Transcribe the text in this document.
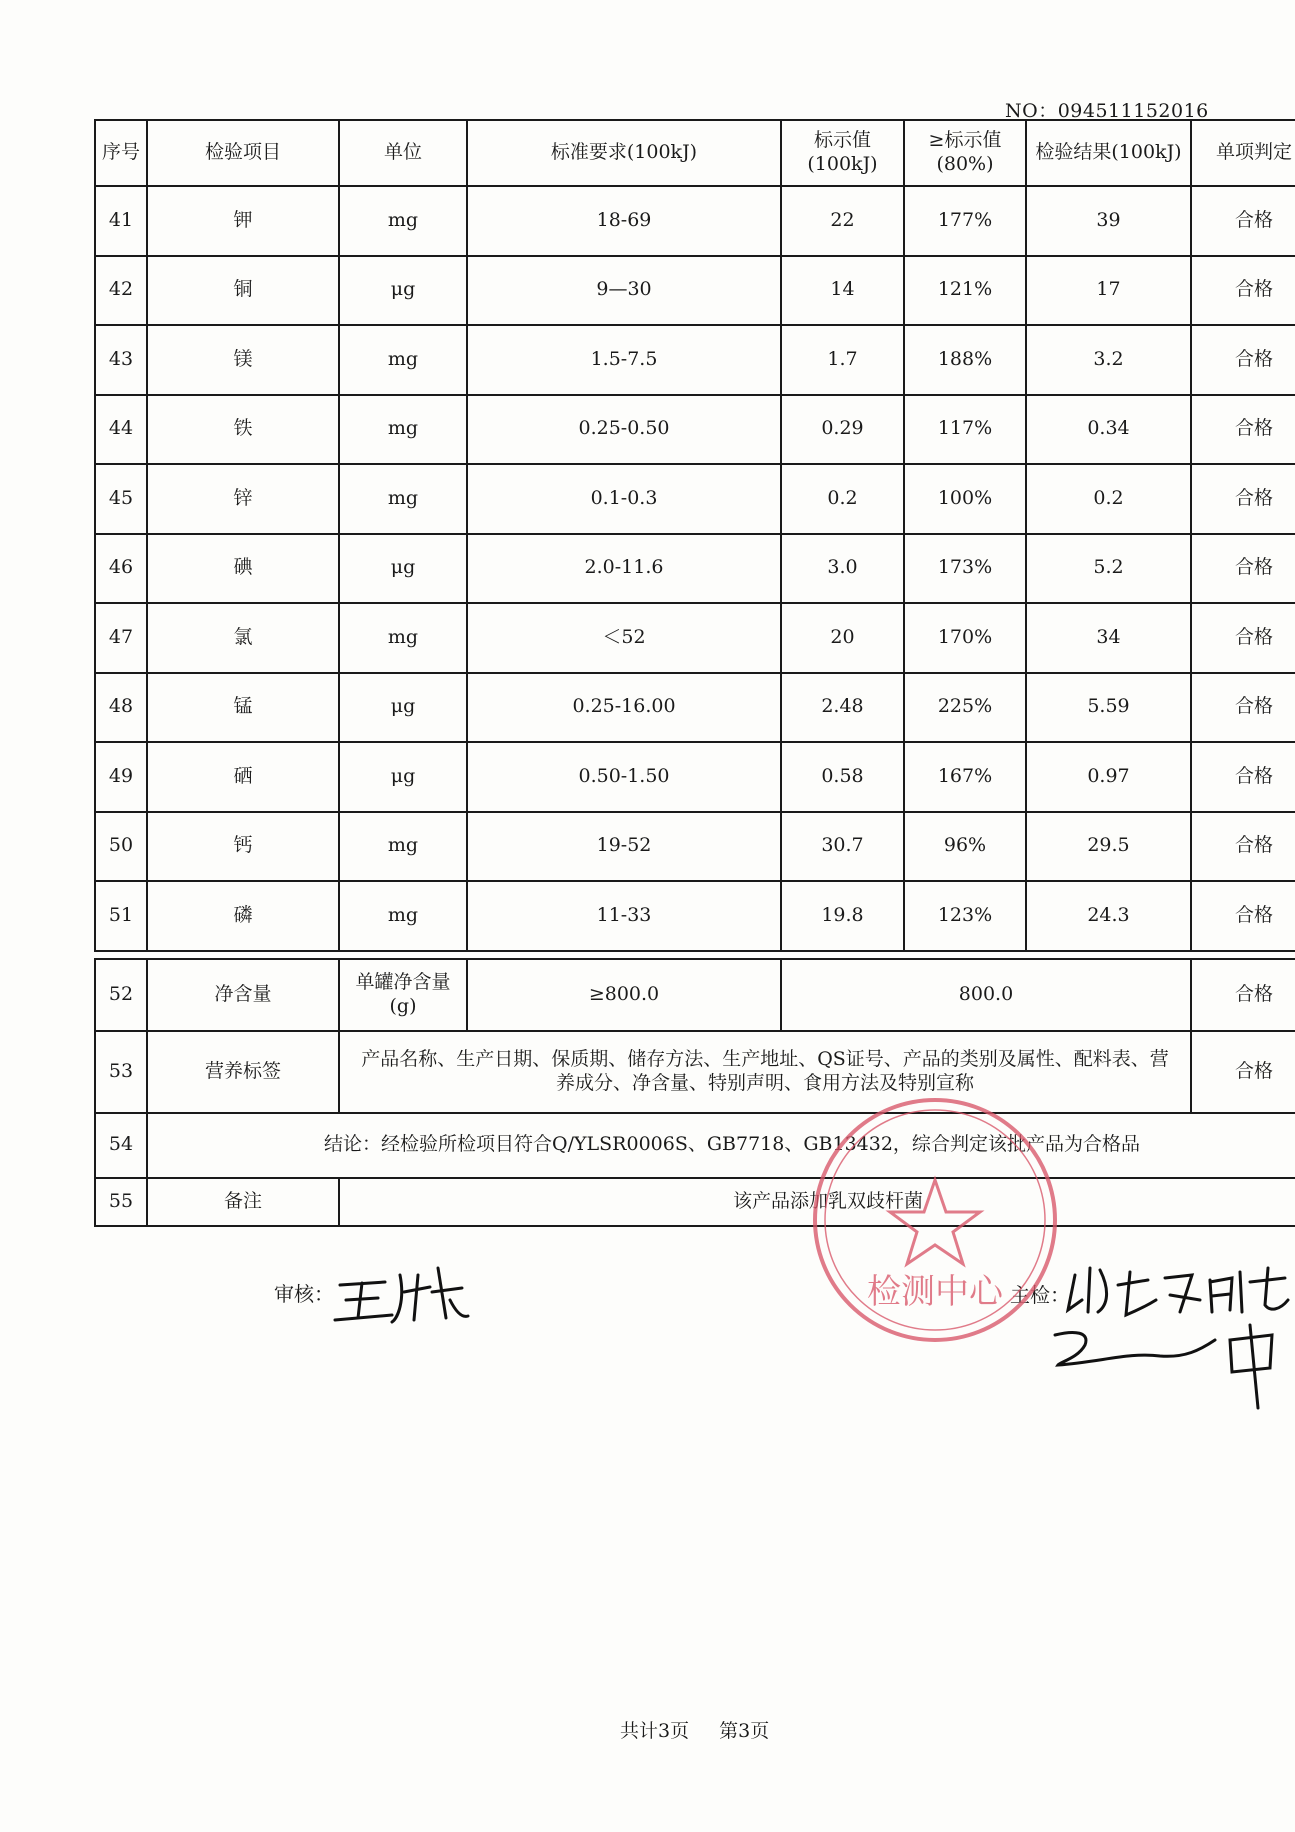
NO：094511152016
序号	检验项目	单位	标准要求(100kJ)	标示值(100kJ)	≥标示值(80%)	检验结果(100kJ)	单项判定
41	钾	mg	18-69	22	177%	39	合格
42	铜	μg	9—30	14	121%	17	合格
43	镁	mg	1.5-7.5	1.7	188%	3.2	合格
44	铁	mg	0.25-0.50	0.29	117%	0.34	合格
45	锌	mg	0.1-0.3	0.2	100%	0.2	合格
46	碘	μg	2.0-11.6	3.0	173%	5.2	合格
47	氯	mg	＜52	20	170%	34	合格
48	锰	μg	0.25-16.00	2.48	225%	5.59	合格
49	硒	μg	0.50-1.50	0.58	167%	0.97	合格
50	钙	mg	19-52	30.7	96%	29.5	合格
51	磷	mg	11-33	19.8	123%	24.3	合格

52	净含量	单罐净含量(g)	≥800.0	800.0			合格
53	营养标签	产品名称、生产日期、保质期、储存方法、生产地址、QS证号、产品的类别及属性、配料表、营养成分、净含量、特别声明、食用方法及特别宣称					合格
54	结论：经检验所检项目符合Q/YLSR0006S、GB7718、GB13432，综合判定该批产品为合格品						
55	备注	该产品添加乳双歧杆菌					
审核：	主检：
检测中心
共计3页 第3页
